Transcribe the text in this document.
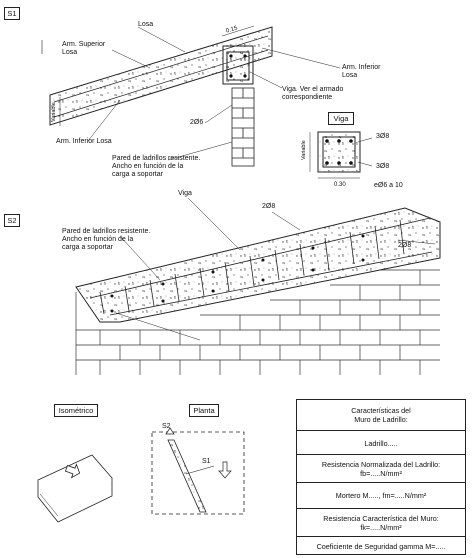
S1
S2
Losa
Arm. Superior
Losa
Arm. Inferior
Losa
Arm. Inferior Losa
Variable
0.15
Viga. Ver el armado
correspondiente
2Ø6
Pared de ladrillos resistente.
Ancho en función de la
carga a soportar
Viga
3Ø8
3Ø8
Variable
0.30	eØ6 a 10
Viga
2Ø8
2Ø8
Pared de ladrillos resistente.
Ancho en función de la
carga a soportar
Isométrico	Planta
S2
S1
Características del
Muro de Ladrillo:
Ladrillo.....
Resistencia Normalizada del Ladrillo:
fb=.....N/mm²
Mortero M....., fm=.....N/mm²
Resistencia Característica del Muro:
fk=.....N/mm²
Coeficiente de Seguridad gamma M=.....
